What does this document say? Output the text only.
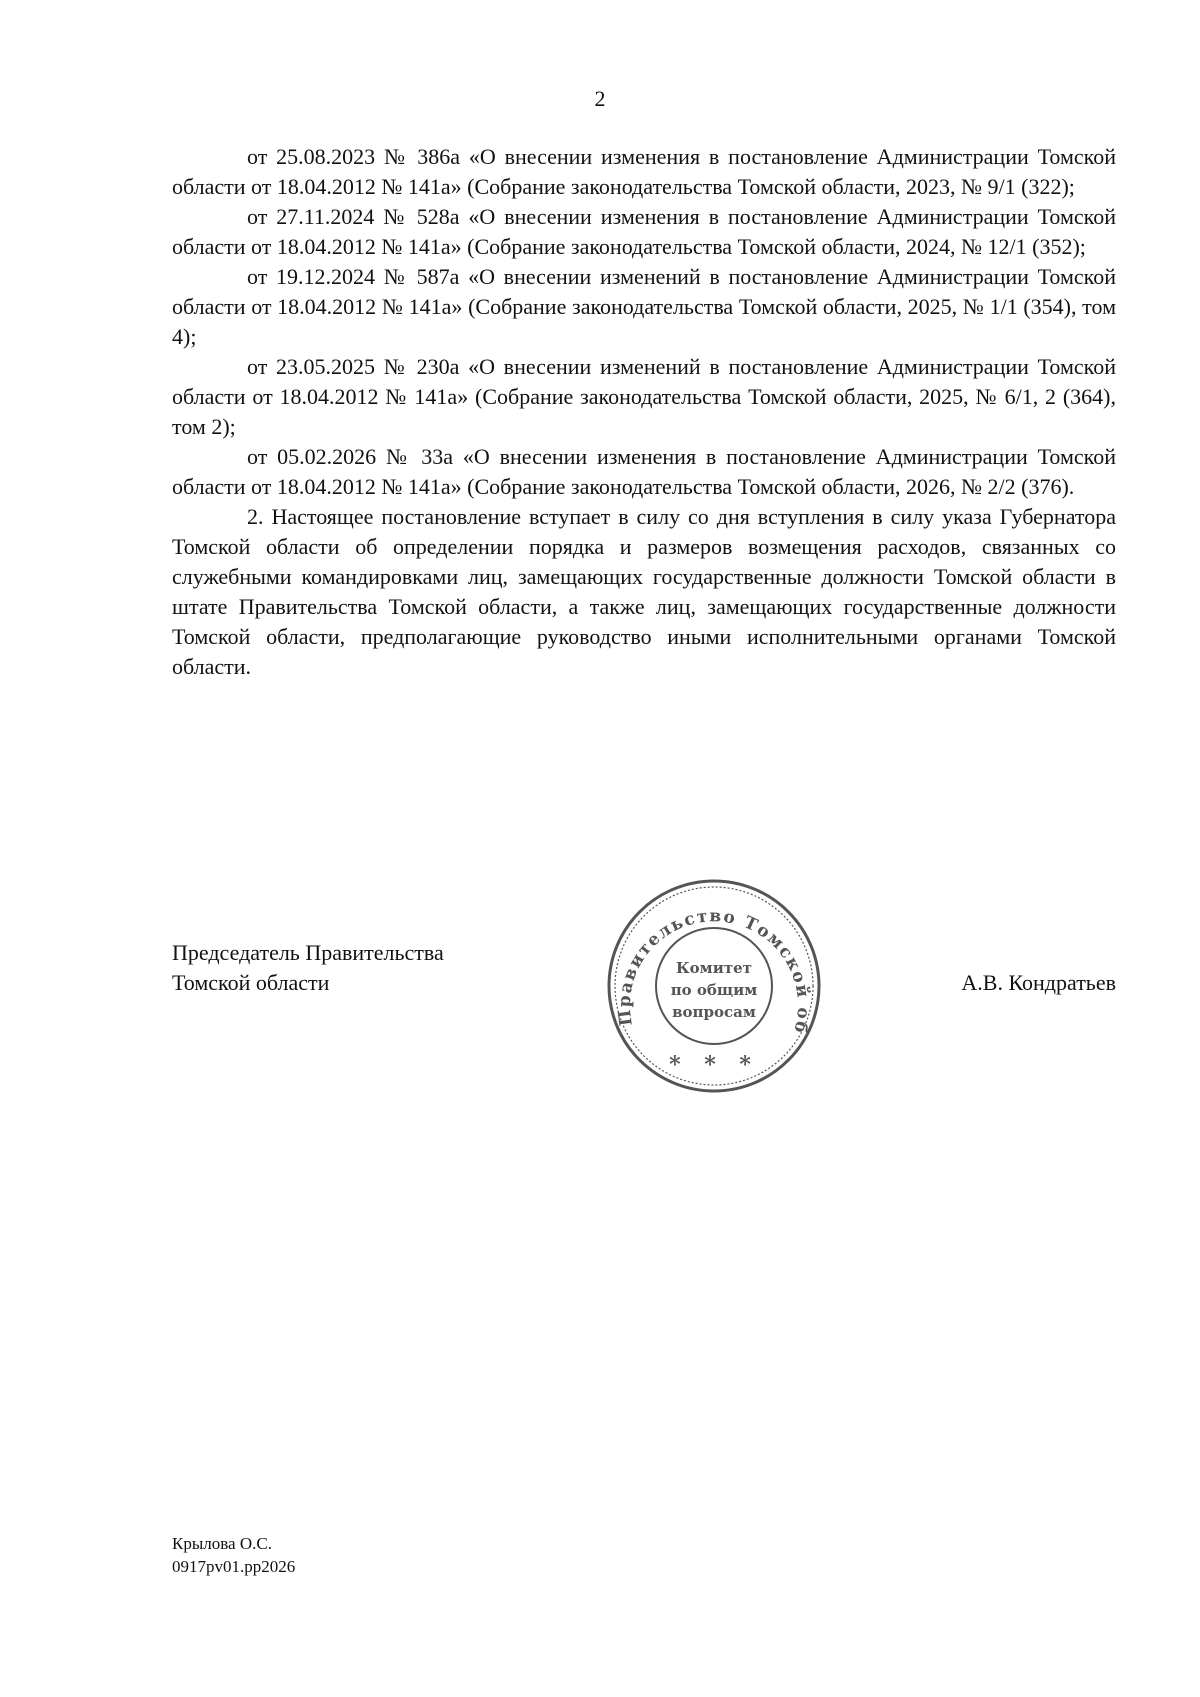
2

от 25.08.2023 № 386а «О внесении изменения в постановление Администрации Томской области от 18.04.2012 № 141а» (Собрание законодательства Томской области, 2023, № 9/1 (322);

от 27.11.2024 № 528а «О внесении изменения в постановление Администрации Томской области от 18.04.2012 № 141а» (Собрание законодательства Томской области, 2024, № 12/1 (352);

от 19.12.2024 № 587а «О внесении изменений в постановление Администрации Томской области от 18.04.2012 № 141а» (Собрание законодательства Томской области, 2025, № 1/1 (354), том 4);

от 23.05.2025 № 230а «О внесении изменений в постановление Администрации Томской области от 18.04.2012 № 141а» (Собрание законодательства Томской области, 2025, № 6/1, 2 (364), том 2);

от 05.02.2026 № 33а «О внесении изменения в постановление Администрации Томской области от 18.04.2012 № 141а» (Собрание законодательства Томской области, 2026, № 2/2 (376).

2. Настоящее постановление вступает в силу со дня вступления в силу указа Губернатора Томской области об определении порядка и размеров возмещения расходов, связанных со служебными командировками лиц, замещающих государственные должности Томской области в штате Правительства Томской области, а также лиц, замещающих государственные должности Томской области, предполагающие руководство иными исполнительными органами Томской области.

Председатель Правительства
Томской области
Правительство Томской об
Комитет
по общим
вопросам
* * *
А.В. Кондратьев
Крылова О.С.
0917pv01.pp2026
